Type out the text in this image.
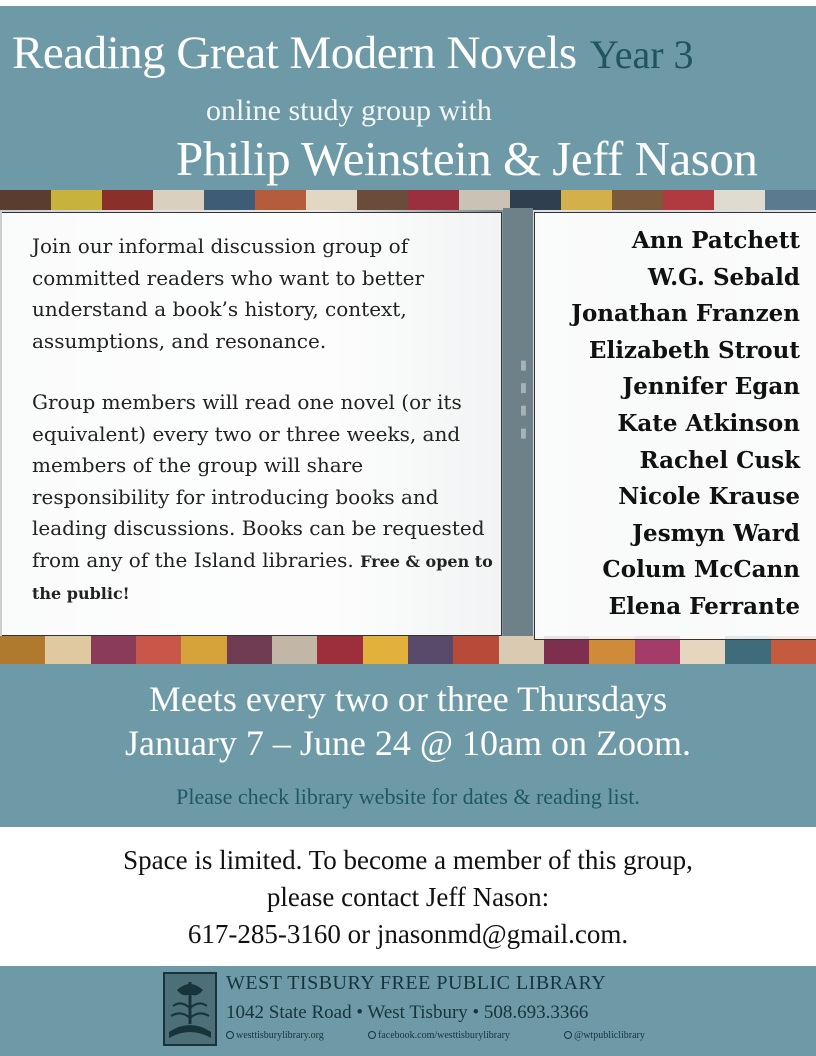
Reading Great Modern Novels Year 3
online study group with
Philip Weinstein & Jeff Nason
▮ ▮ ▮ ▮

Join our informal discussion group of committed readers who want to better understand a book’s history, context, assumptions, and resonance.

Group members will read one novel (or its equivalent) every two or three weeks, and members of the group will share responsibility for introducing books and leading discussions. Books can be requested from any of the Island libraries. Free & open to the public!

Ann Patchett
W.G. Sebald
Jonathan Franzen
Elizabeth Strout
Jennifer Egan
Kate Atkinson
Rachel Cusk
Nicole Krause
Jesmyn Ward
Colum McCann
Elena Ferrante
Meets every two or three Thursdays
January 7 – June 24 @ 10am on Zoom.
Please check library website for dates & reading list.
Space is limited. To become a member of this group,
please contact Jeff Nason:
617-285-3160 or jnasonmd@gmail.com.
WEST TISBURY FREE PUBLIC LIBRARY
1042 State Road • West Tisbury • 508.693.3366
westtisburylibrary.org	facebook.com/westtisburylibrary	@wtpubliclibrary
